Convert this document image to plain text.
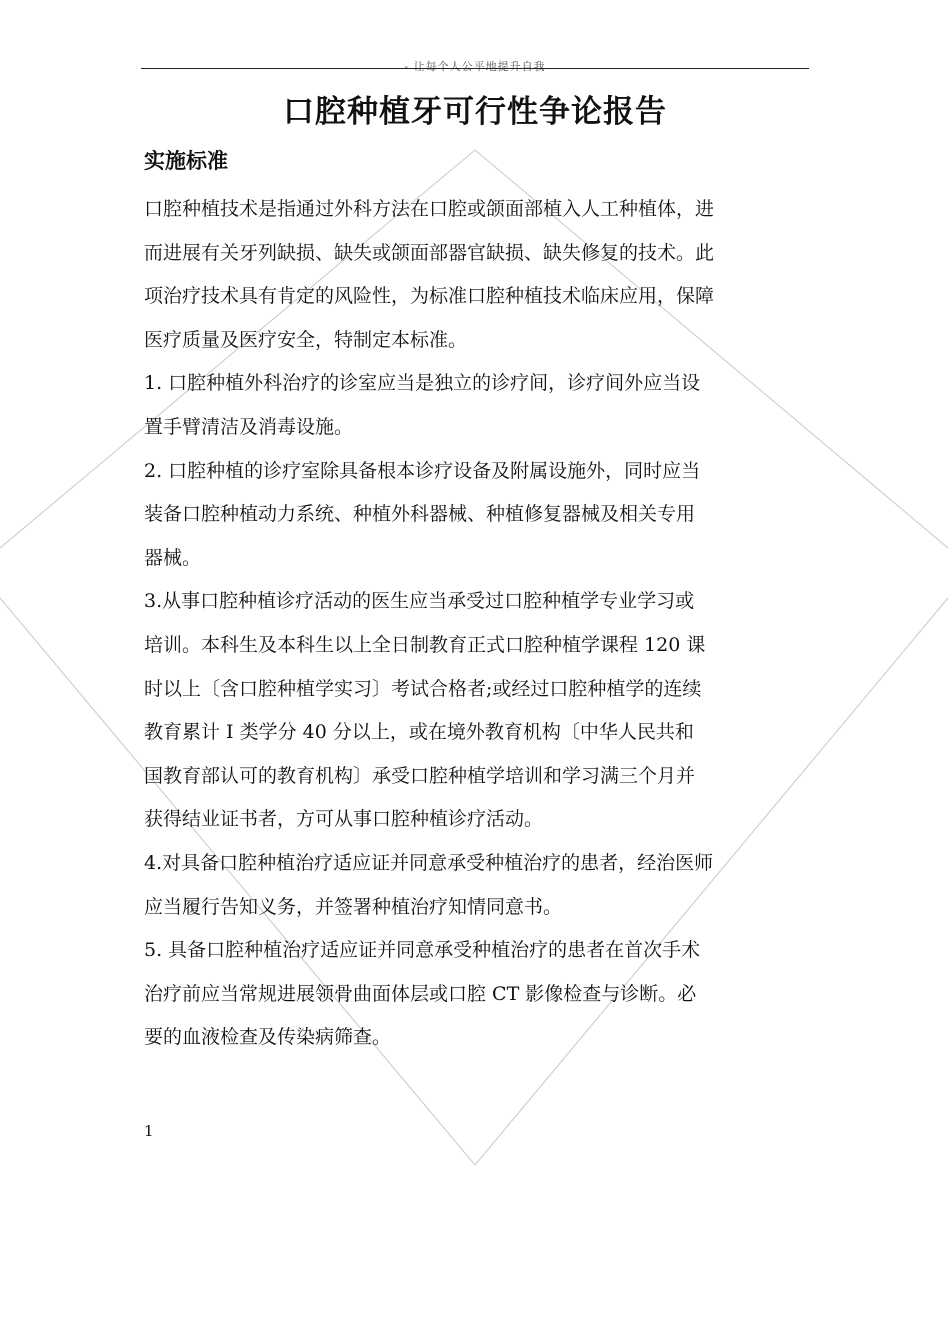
- 让每个人公平地提升自我
口腔种植牙可行性争论报告
实施标准

口腔种植技术是指通过外科方法在口腔或颌面部植入人工种植体，进
而进展有关牙列缺损、缺失或颌面部器官缺损、缺失修复的技术。此
项治疗技术具有肯定的风险性，为标准口腔种植技术临床应用，保障
医疗质量及医疗安全，特制定本标准。

1. 口腔种植外科治疗的诊室应当是独立的诊疗间，诊疗间外应当设
置手臂清洁及消毒设施。

2. 口腔种植的诊疗室除具备根本诊疗设备及附属设施外，同时应当
装备口腔种植动力系统、种植外科器械、种植修复器械及相关专用
器械。

3.从事口腔种植诊疗活动的医生应当承受过口腔种植学专业学习或
培训。本科生及本科生以上全日制教育正式口腔种植学课程 120 课
时以上〔含口腔种植学实习〕考试合格者;或经过口腔种植学的连续
教育累计 I 类学分 40 分以上，或在境外教育机构〔中华人民共和
国教育部认可的教育机构〕承受口腔种植学培训和学习满三个月并
获得结业证书者，方可从事口腔种植诊疗活动。

4.对具备口腔种植治疗适应证并同意承受种植治疗的患者，经治医师
应当履行告知义务，并签署种植治疗知情同意书。

5. 具备口腔种植治疗适应证并同意承受种植治疗的患者在首次手术
治疗前应当常规进展领骨曲面体层或口腔 CT 影像检查与诊断。必
要的血液检查及传染病筛查。

1
